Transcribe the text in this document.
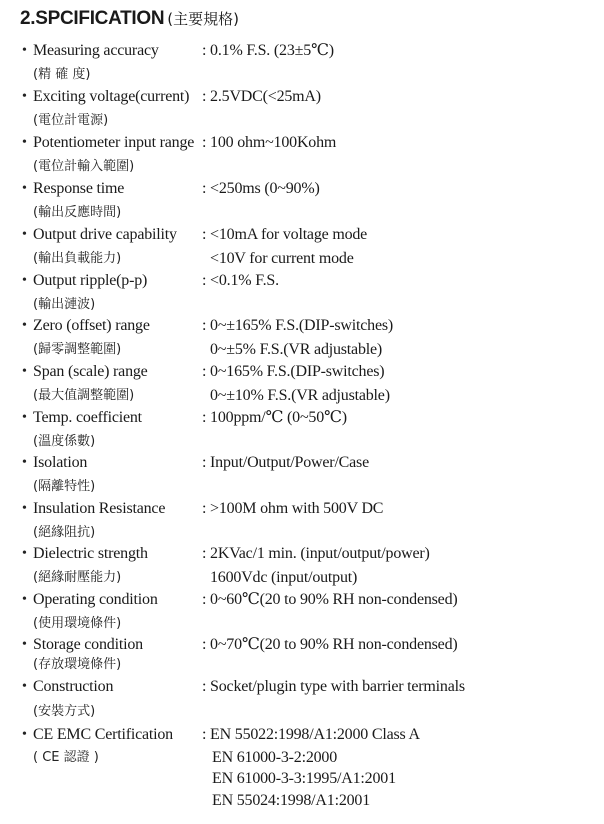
2.SPCIFICATION (主要規格)
• Measuring accuracy	: 0.1% F.S. (23±5℃)
(精 確 度)
• Exciting voltage(current) : 2.5VDC(<25mA)
(電位計電源)
• Potentiometer input range : 100 ohm~100Kohm
(電位計輸入範圍)
• Response time	: <250ms (0~90%)
(輸出反應時間)
• Output drive capability : <10mA for voltage mode
(輸出負載能力)	<10V for current mode
• Output ripple(p-p)	: <0.1% F.S.
(輸出漣波)
• Zero (offset) range	: 0~±165% F.S.(DIP-switches)
(歸零調整範圍)	0~±5% F.S.(VR adjustable)
• Span (scale) range	: 0~165% F.S.(DIP-switches)
(最大值調整範圍)	0~±10% F.S.(VR adjustable)
• Temp. coefficient	: 100ppm/℃ (0~50℃)
(溫度係數)
• Isolation	: Input/Output/Power/Case
(隔離特性)
• Insulation Resistance : >100M ohm with 500V DC
(絕緣阻抗)
• Dielectric strength	: 2KVac/1 min. (input/output/power)
(絕緣耐壓能力)	1600Vdc (input/output)
• Operating condition	: 0~60℃(20 to 90% RH non-condensed)
(使用環境條件)
• Storage condition	: 0~70℃(20 to 90% RH non-condensed)
(存放環境條件)
• Construction	: Socket/plugin type with barrier terminals
(安裝方式)
• CE EMC Certification : EN 55022:1998/A1:2000 Class A
( CE 認證 )	EN 61000-3-2:2000
EN 61000-3-3:1995/A1:2001
EN 55024:1998/A1:2001
